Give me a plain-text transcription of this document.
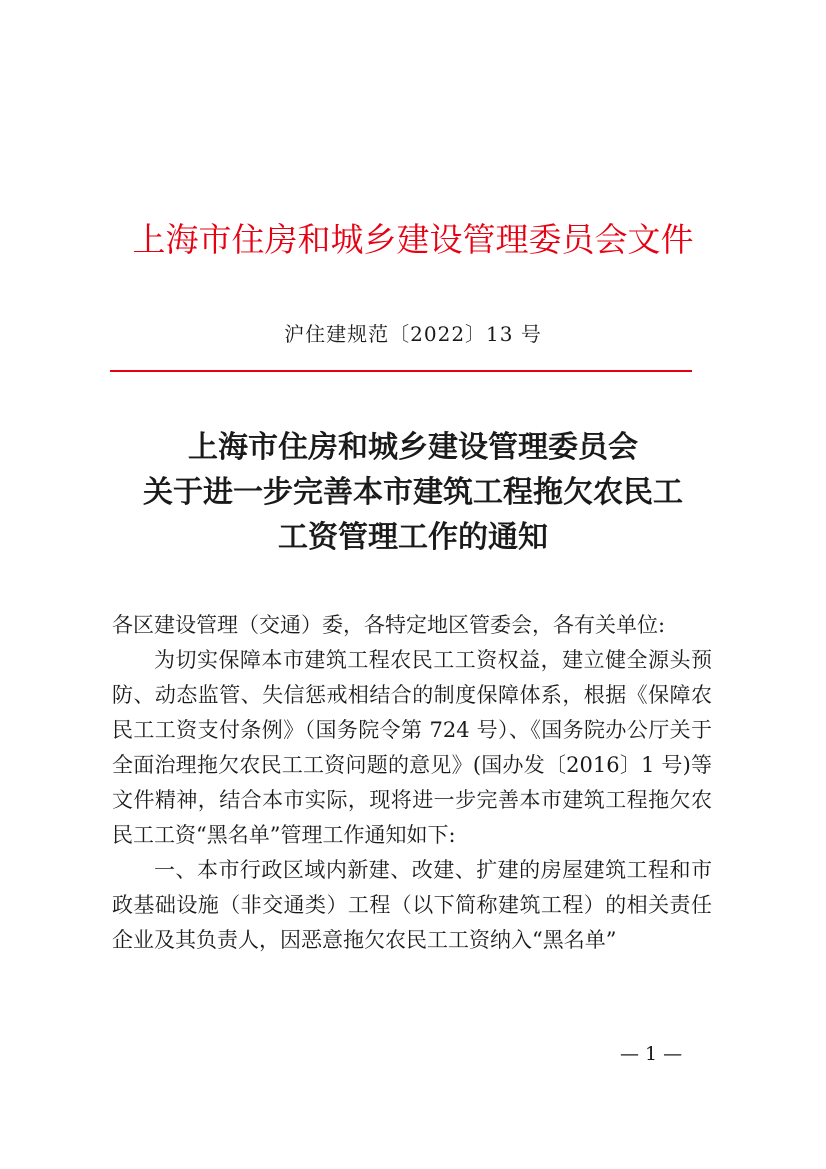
上海市住房和城乡建设管理委员会文件
沪住建规范〔2022〕13 号
上海市住房和城乡建设管理委员会
关于进一步完善本市建筑工程拖欠农民工
工资管理工作的通知

各区建设管理（交通）委，各特定地区管委会，各有关单位:

为切实保障本市建筑工程农民工工资权益，建立健全源头预防、动态监管、失信惩戒相结合的制度保障体系，根据《保障农民工工资支付条例》（国务院令第 724 号）、《国务院办公厅关于全面治理拖欠农民工工资问题的意见》(国办发〔2016〕1 号)等文件精神，结合本市实际，现将进一步完善本市建筑工程拖欠农民工工资“黑名单”管理工作通知如下:

一、本市行政区域内新建、改建、扩建的房屋建筑工程和市政基础设施（非交通类）工程（以下简称建筑工程）的相关责任企业及其负责人，因恶意拖欠农民工工资纳入“黑名单”

— 1 —
